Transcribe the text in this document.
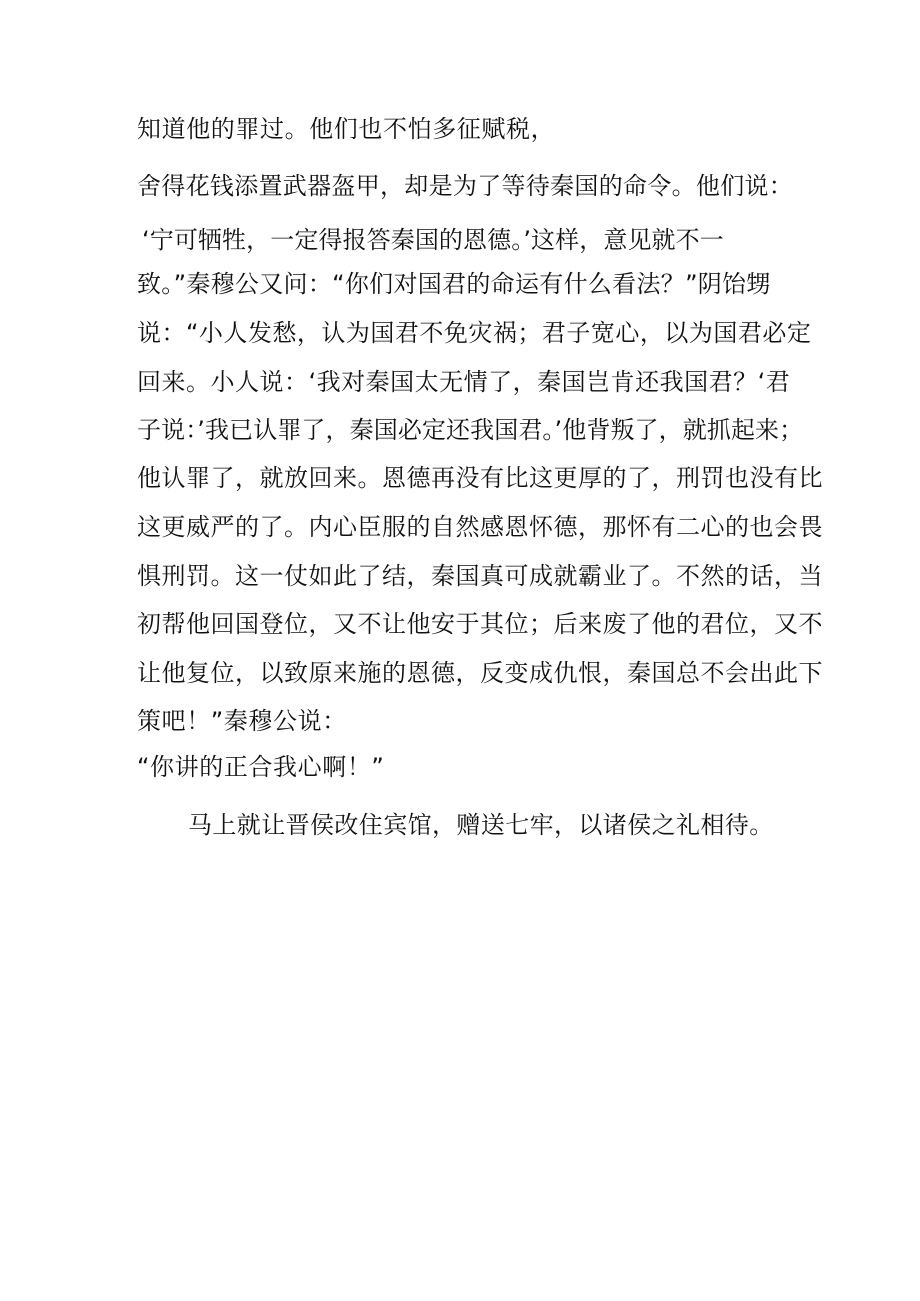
知道他的罪过。他们也不怕多征赋税，
舍得花钱添置武器盔甲，却是为了等待秦国的命令。他们说：
‘宁可牺牲，一定得报答秦国的恩德。’这样，意见就不一
致。”秦穆公又问：“你们对国君的命运有什么看法？”阴饴甥
说：“小人发愁，认为国君不免灾祸；君子宽心，以为国君必定
回来。小人说：‘我对秦国太无情了，秦国岂肯还我国君？‘君
子说：’我已认罪了，秦国必定还我国君。’他背叛了，就抓起来；
他认罪了，就放回来。恩德再没有比这更厚的了，刑罚也没有比
这更威严的了。内心臣服的自然感恩怀德，那怀有二心的也会畏
惧刑罚。这一仗如此了结，秦国真可成就霸业了。不然的话，当
初帮他回国登位，又不让他安于其位；后来废了他的君位，又不
让他复位，以致原来施的恩德，反变成仇恨，秦国总不会出此下
策吧！”秦穆公说：
“你讲的正合我心啊！”
马上就让晋侯改住宾馆，赠送七牢，以诸侯之礼相待。
